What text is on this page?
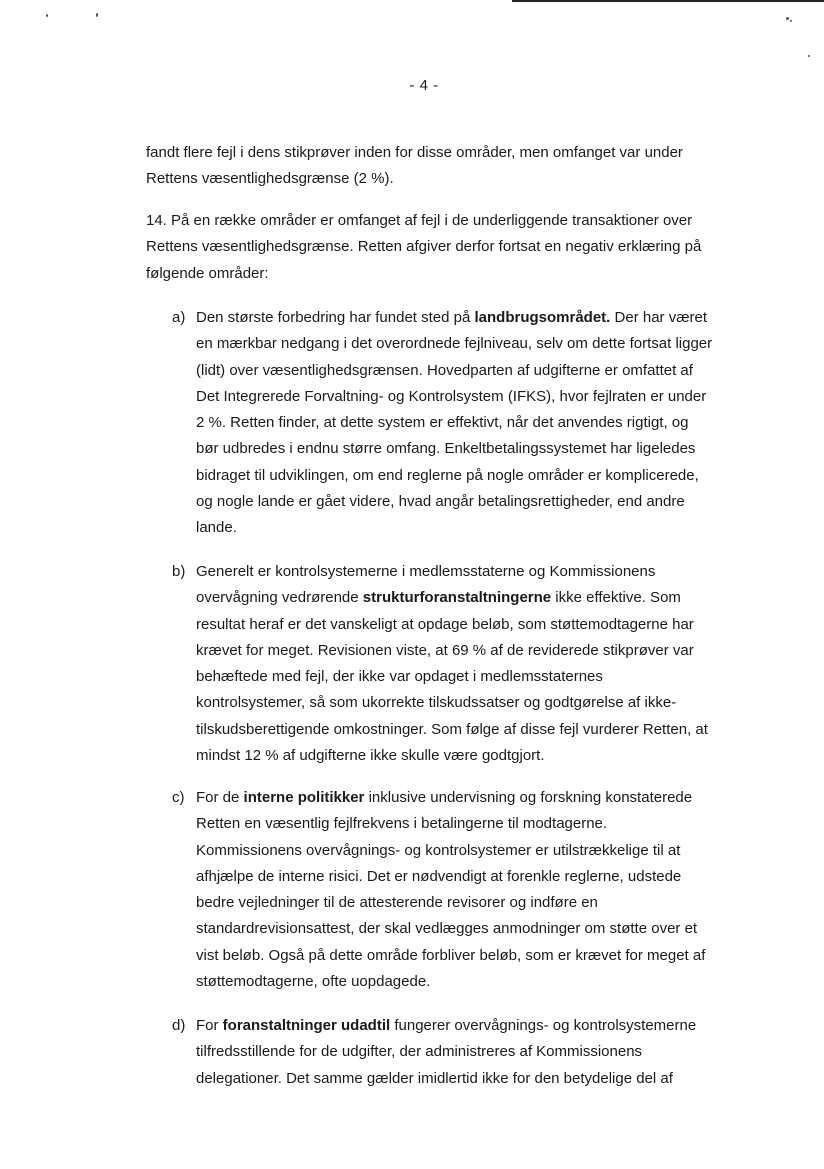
- 4 -

fandt flere fejl i dens stikprøver inden for disse områder, men omfanget var under
Rettens væsentlighedsgrænse (2 %).

14. På en række områder er omfanget af fejl i de underliggende transaktioner over
Rettens væsentlighedsgrænse. Retten afgiver derfor fortsat en negativ erklæring på
følgende områder:

a) Den største forbedring har fundet sted på landbrugsområdet. Der har været
en mærkbar nedgang i det overordnede fejlniveau, selv om dette fortsat ligger
(lidt) over væsentlighedsgrænsen. Hovedparten af udgifterne er omfattet af
Det Integrerede Forvaltning- og Kontrolsystem (IFKS), hvor fejlraten er under
2 %. Retten finder, at dette system er effektivt, når det anvendes rigtigt, og
bør udbredes i endnu større omfang. Enkeltbetalingssystemet har ligeledes
bidraget til udviklingen, om end reglerne på nogle områder er komplicerede,
og nogle lande er gået videre, hvad angår betalingsrettigheder, end andre
lande.
b) Generelt er kontrolsystemerne i medlemsstaterne og Kommissionens
overvågning vedrørende strukturforanstaltningerne ikke effektive. Som
resultat heraf er det vanskeligt at opdage beløb, som støttemodtagerne har
krævet for meget. Revisionen viste, at 69 % af de reviderede stikprøver var
behæftede med fejl, der ikke var opdaget i medlemsstaternes
kontrolsystemer, så som ukorrekte tilskudssatser og godtgørelse af ikke-
tilskudsberettigende omkostninger. Som følge af disse fejl vurderer Retten, at
mindst 12 % af udgifterne ikke skulle være godtgjort.
c) For de interne politikker inklusive undervisning og forskning konstaterede
Retten en væsentlig fejlfrekvens i betalingerne til modtagerne.
Kommissionens overvågnings- og kontrolsystemer er utilstrækkelige til at
afhjælpe de interne risici. Det er nødvendigt at forenkle reglerne, udstede
bedre vejledninger til de attesterende revisorer og indføre en
standardrevisionsattest, der skal vedlægges anmodninger om støtte over et
vist beløb. Også på dette område forbliver beløb, som er krævet for meget af
støttemodtagerne, ofte uopdagede.
d) For foranstaltninger udadtil fungerer overvågnings- og kontrolsystemerne
tilfredsstillende for de udgifter, der administreres af Kommissionens
delegationer. Det samme gælder imidlertid ikke for den betydelige del af
